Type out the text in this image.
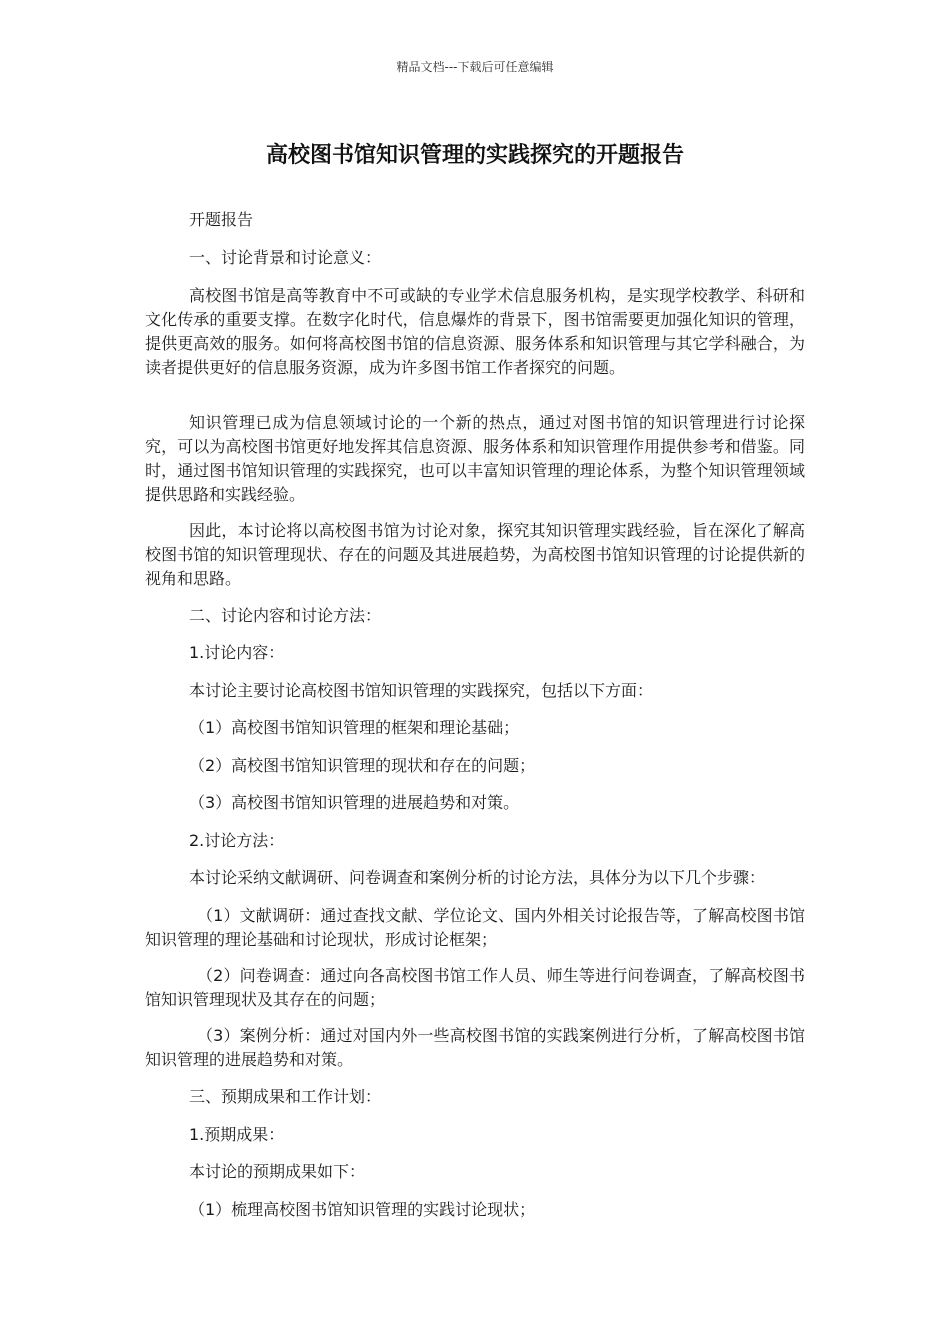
精品文档---下载后可任意编辑
高校图书馆知识管理的实践探究的开题报告

开题报告

一、讨论背景和讨论意义：

高校图书馆是高等教育中不可或缺的专业学术信息服务机构，是实现学校教学、科研和文化传承的重要支撑。在数字化时代，信息爆炸的背景下，图书馆需要更加强化知识的管理，提供更高效的服务。如何将高校图书馆的信息资源、服务体系和知识管理与其它学科融合，为读者提供更好的信息服务资源，成为许多图书馆工作者探究的问题。

知识管理已成为信息领域讨论的一个新的热点，通过对图书馆的知识管理进行讨论探究，可以为高校图书馆更好地发挥其信息资源、服务体系和知识管理作用提供参考和借鉴。同时，通过图书馆知识管理的实践探究，也可以丰富知识管理的理论体系，为整个知识管理领域提供思路和实践经验。

因此，本讨论将以高校图书馆为讨论对象，探究其知识管理实践经验，旨在深化了解高校图书馆的知识管理现状、存在的问题及其进展趋势，为高校图书馆知识管理的讨论提供新的视角和思路。

二、讨论内容和讨论方法：

1.讨论内容：

本讨论主要讨论高校图书馆知识管理的实践探究，包括以下方面：

（1）高校图书馆知识管理的框架和理论基础；

（2）高校图书馆知识管理的现状和存在的问题；

（3）高校图书馆知识管理的进展趋势和对策。

2.讨论方法：

本讨论采纳文献调研、问卷调查和案例分析的讨论方法，具体分为以下几个步骤：

（1）文献调研：通过查找文献、学位论文、国内外相关讨论报告等，了解高校图书馆知识管理的理论基础和讨论现状，形成讨论框架；

（2）问卷调查：通过向各高校图书馆工作人员、师生等进行问卷调查，了解高校图书馆知识管理现状及其存在的问题；

（3）案例分析：通过对国内外一些高校图书馆的实践案例进行分析，了解高校图书馆知识管理的进展趋势和对策。

三、预期成果和工作计划：

1.预期成果：

本讨论的预期成果如下：

（1）梳理高校图书馆知识管理的实践讨论现状；
